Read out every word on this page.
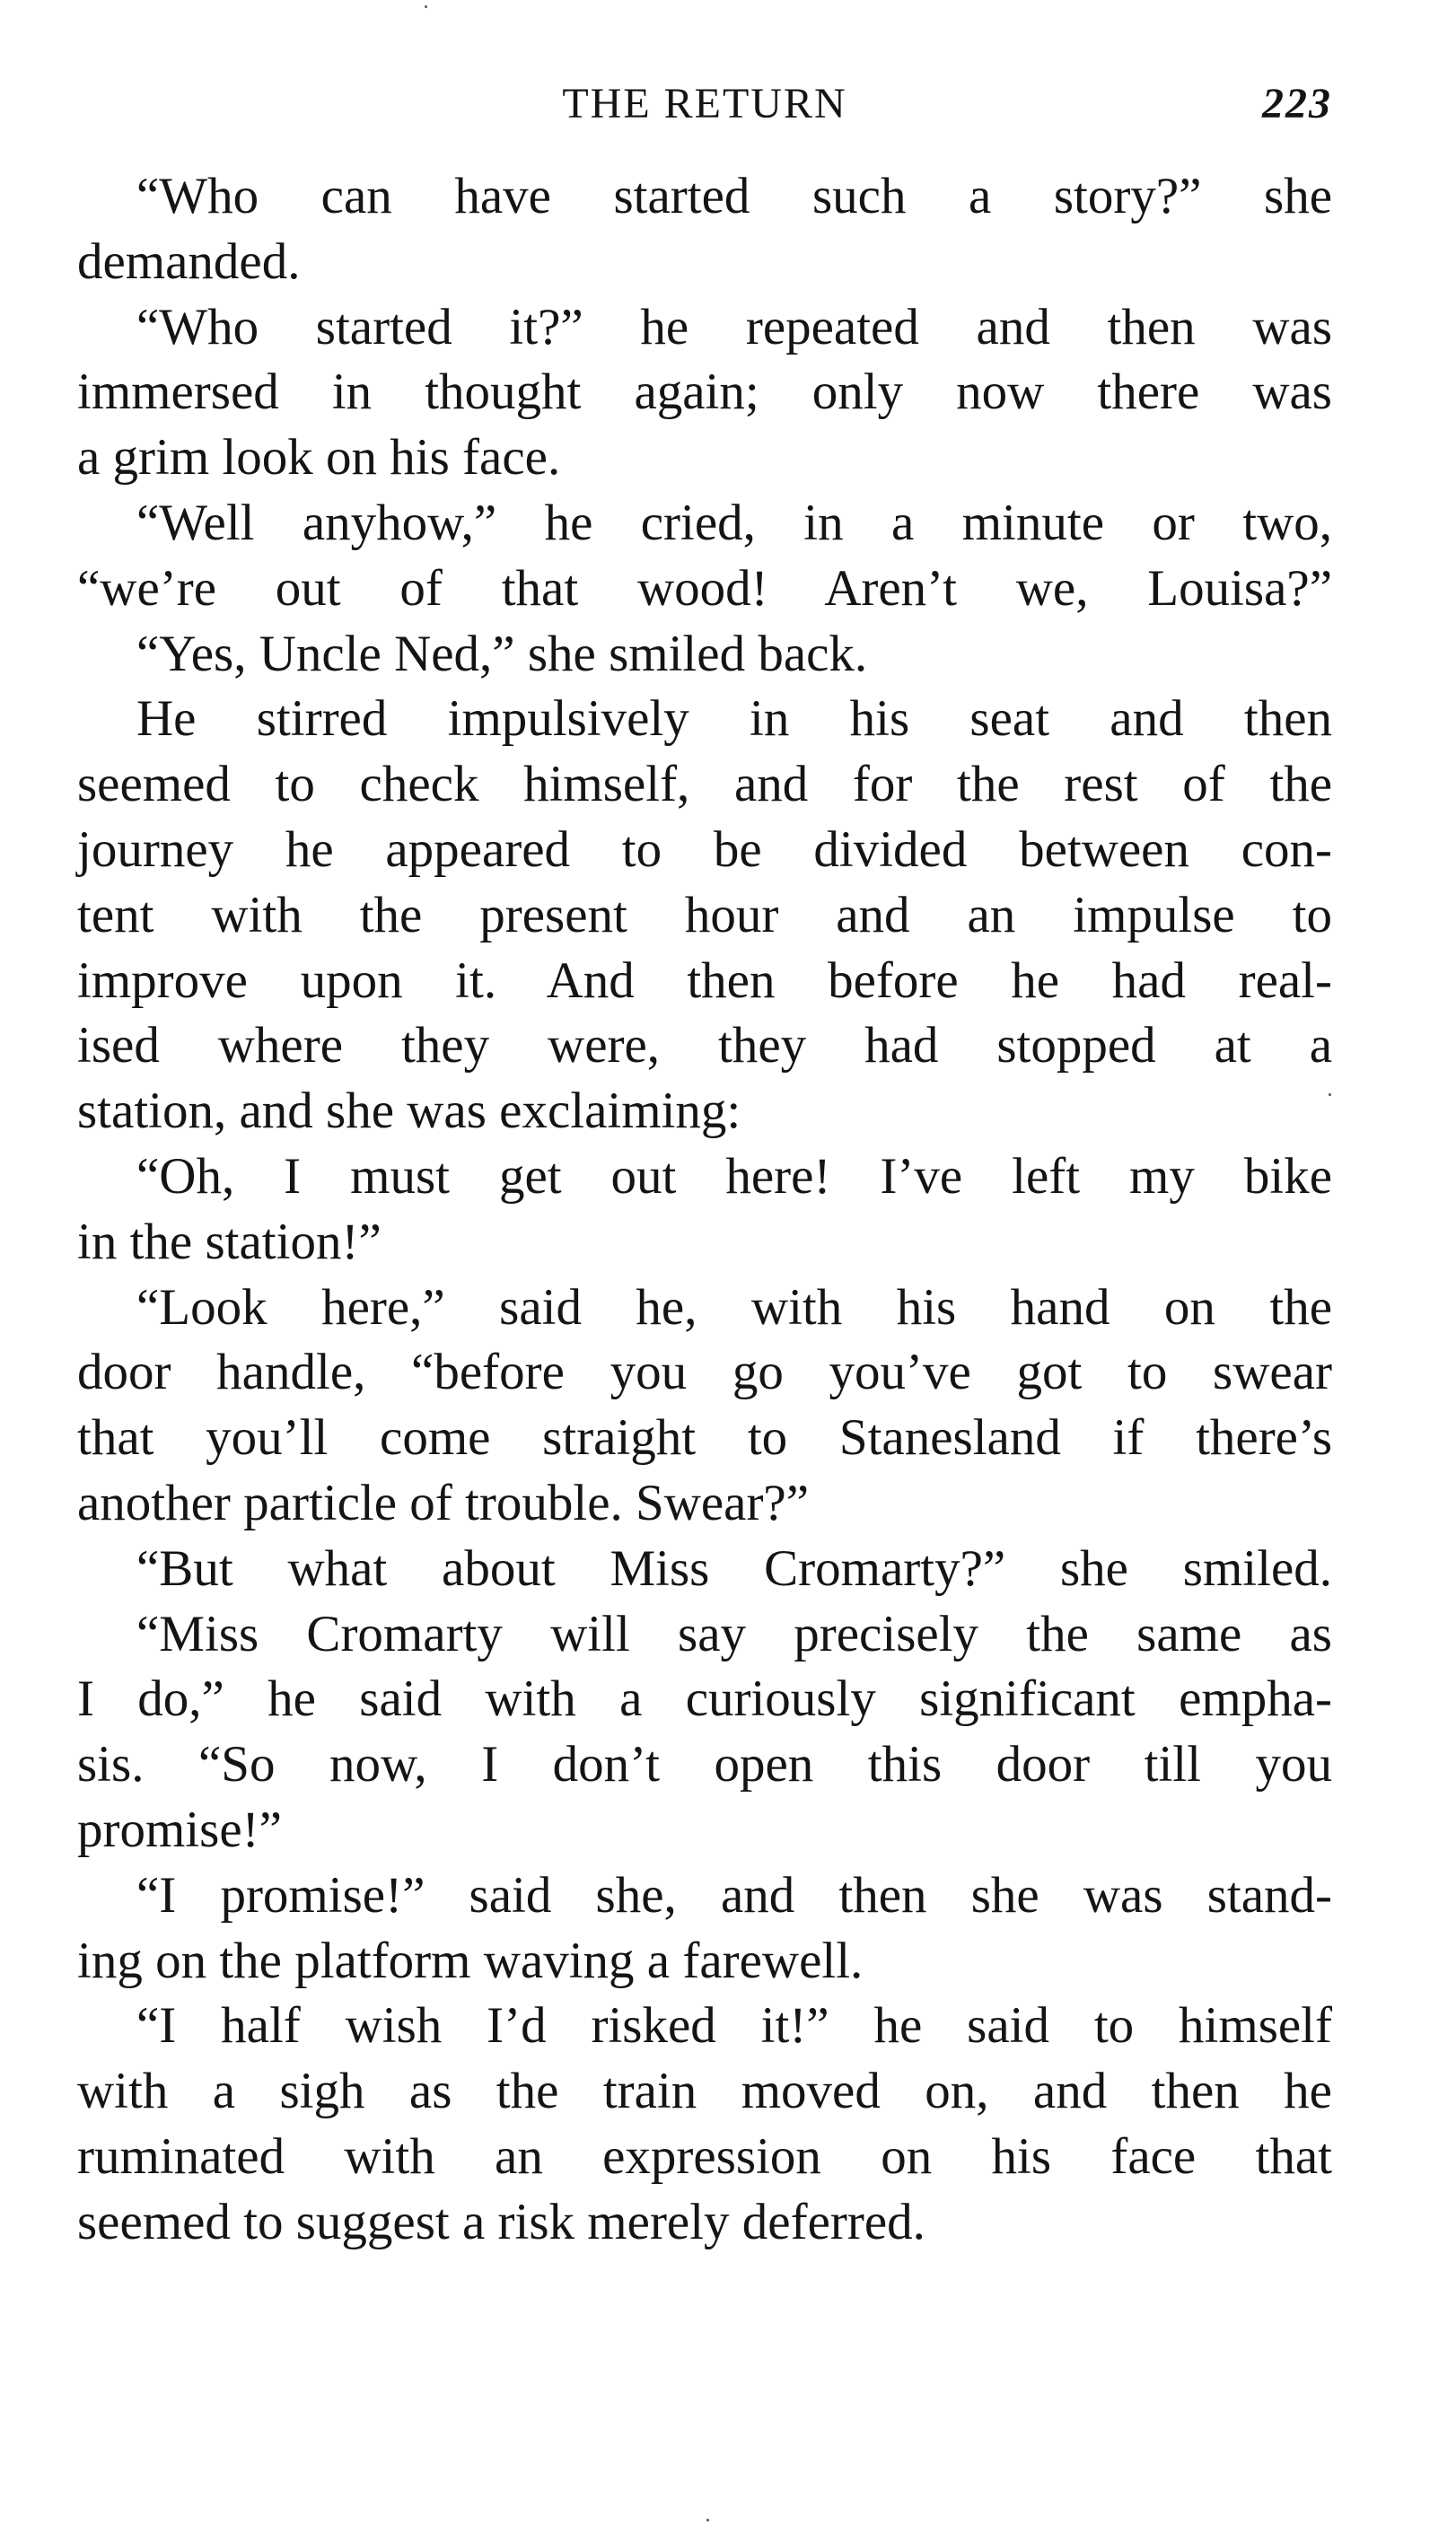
THE RETURN	223
“Who can have started such a story?” she
demanded.
“Who started it?” he repeated and then was
immersed in thought again; only now there was
a grim look on his face.
“Well anyhow,” he cried, in a minute or two,
“we’re out of that wood! Aren’t we, Louisa?”
“Yes, Uncle Ned,” she smiled back.
He stirred impulsively in his seat and then
seemed to check himself, and for the rest of the
journey he appeared to be divided between con-
tent with the present hour and an impulse to
improve upon it. And then before he had real-
ised where they were, they had stopped at a
station, and she was exclaiming:
“Oh, I must get out here! I’ve left my bike
in the station!”
“Look here,” said he, with his hand on the
door handle, “before you go you’ve got to swear
that you’ll come straight to Stanesland if there’s
another particle of trouble. Swear?”
“But what about Miss Cromarty?” she smiled.
“Miss Cromarty will say precisely the same as
I do,” he said with a curiously significant empha-
sis. “So now, I don’t open this door till you
promise!”
“I promise!” said she, and then she was stand-
ing on the platform waving a farewell.
“I half wish I’d risked it!” he said to himself
with a sigh as the train moved on, and then he
ruminated with an expression on his face that
seemed to suggest a risk merely deferred.
